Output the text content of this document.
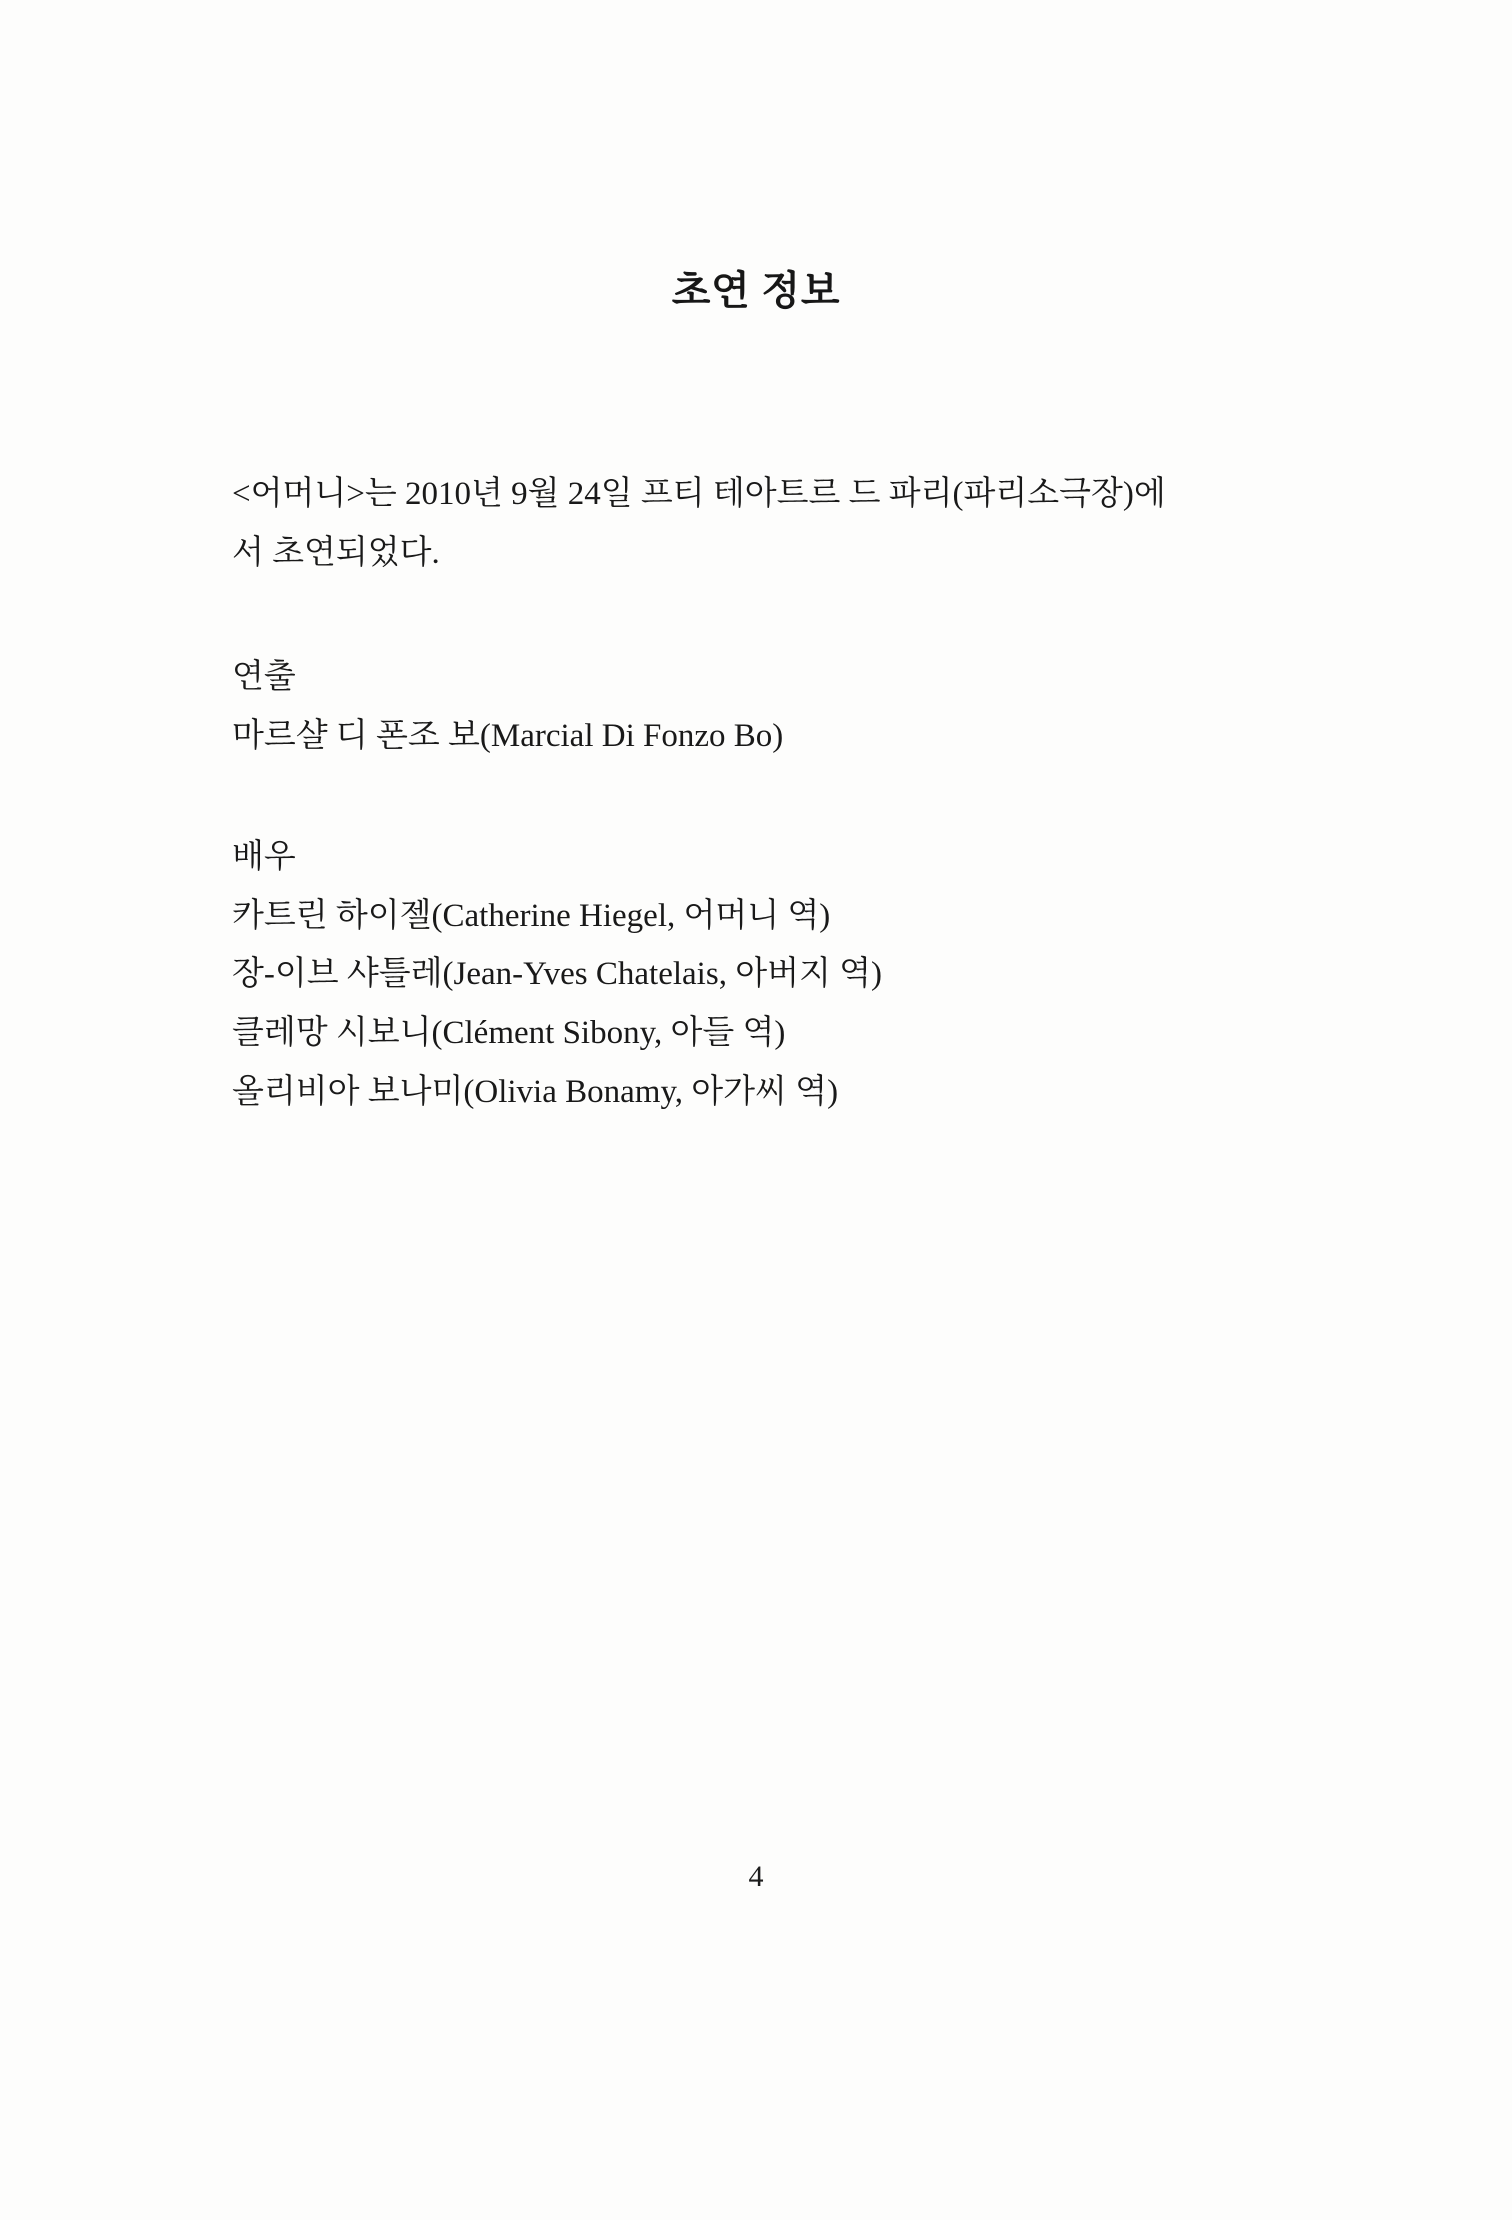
초연 정보

<어머니>는 2010년 9월 24일 프티 테아트르 드 파리(파리소극장)에서 초연되었다.

연출

마르샬 디 폰조 보(Marcial Di Fonzo Bo)

배우

카트린 하이젤(Catherine Hiegel, 어머니 역)
장-이브 샤틀레(Jean-Yves Chatelais, 아버지 역)
클레망 시보니(Clément Sibony, 아들 역)
올리비아 보나미(Olivia Bonamy, 아가씨 역)
4
